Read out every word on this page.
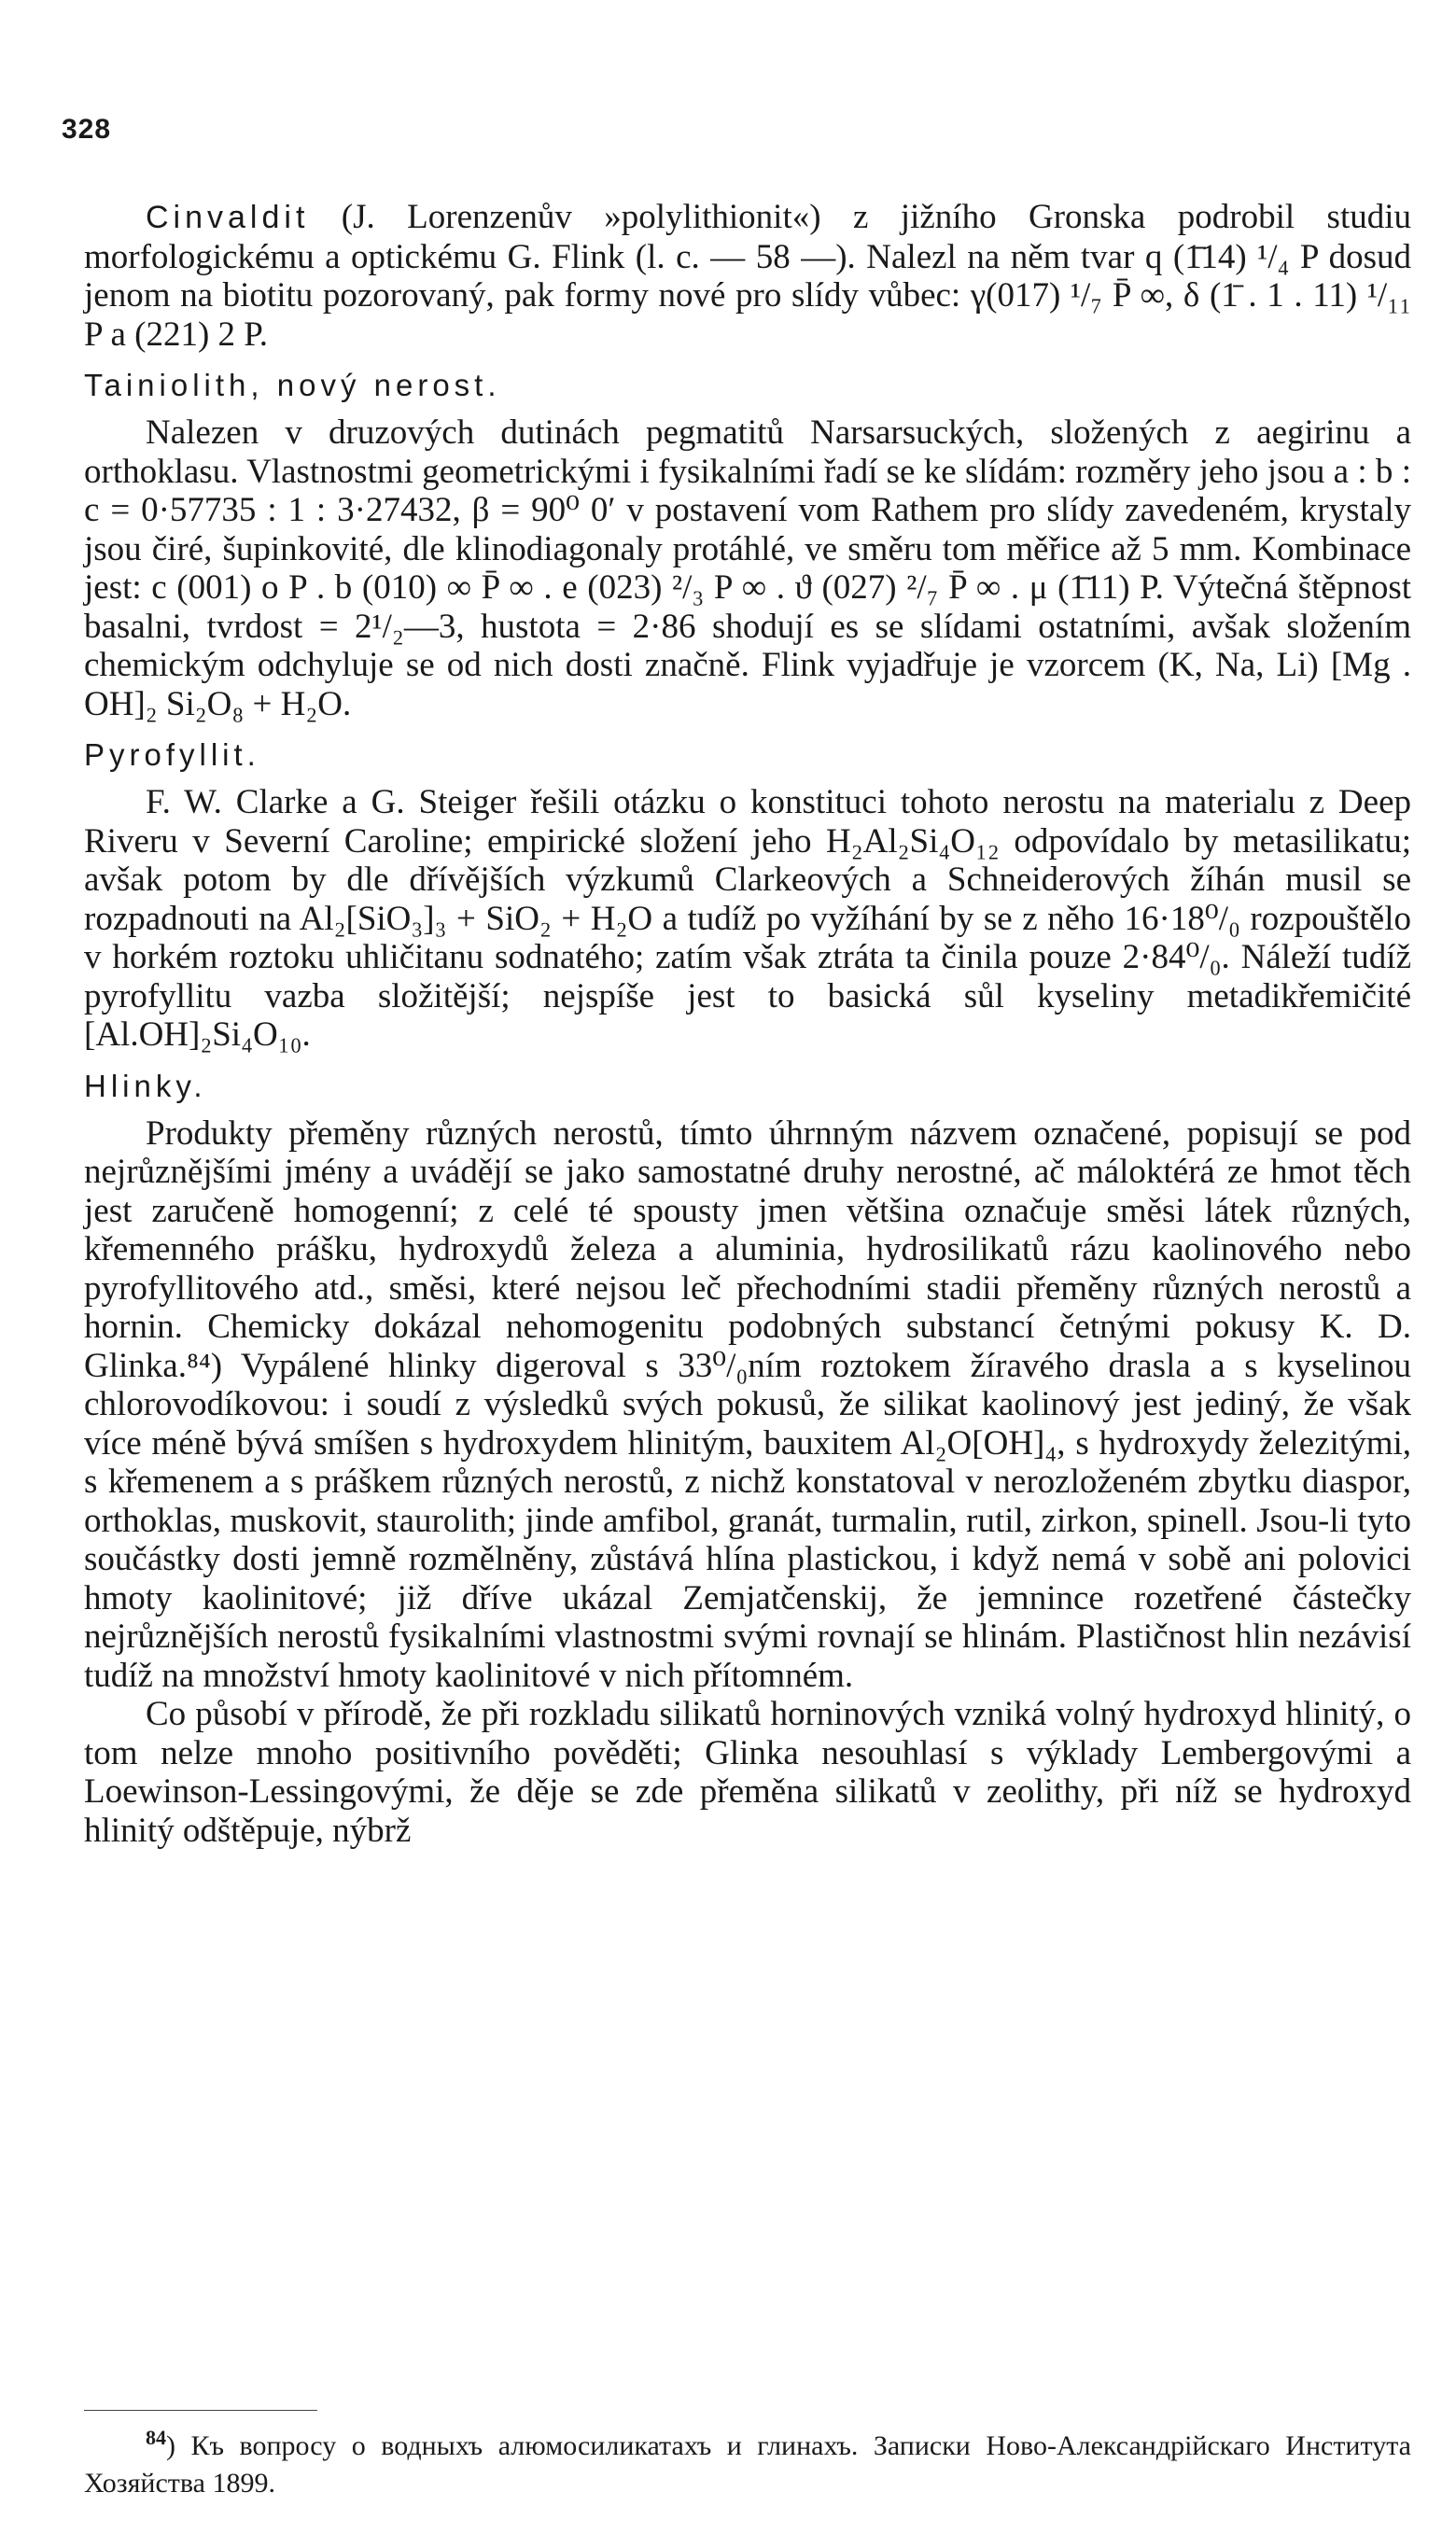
328

Cinvaldit (J. Lorenzenův »polylithionit«) z jižního Gronska podrobil studiu morfologickému a optickému G. Flink (l. c. — 58 —). Nalezl na něm tvar q (1̄14) ¹/₄ P dosud jenom na biotitu pozorovaný, pak formy nové pro slídy vůbec: γ(017) ¹/₇ P̄ ∞, δ (1̄ . 1 . 11) ¹/₁₁ P a (221) 2 P.

Tainiolith, nový nerost.

Nalezen v druzových dutinách pegmatitů Narsarsuckých, složených z aegirinu a orthoklasu. Vlastnostmi geometrickými i fysikalními řadí se ke slídám: rozměry jeho jsou a : b : c = 0·57735 : 1 : 3·27432, β = 90⁰ 0′ v postavení vom Rathem pro slídy zavedeném, krystaly jsou čiré, šupinkovité, dle klinodiagonaly protáhlé, ve směru tom měřice až 5 mm. Kombinace jest: c (001) o P . b (010) ∞ P̄ ∞ . e (023) ²/₃ P ∞ . ϑ (027) ²/₇ P̄ ∞ . μ (1̄11) P. Výtečná štěpnost basalni, tvrdost = 2¹/₂—3, hustota = 2·86 shodují es se slídami ostatními, avšak složením chemickým odchyluje se od nich dosti značně. Flink vyjadřuje je vzorcem (K, Na, Li) [Mg . OH]₂ Si₂O₈ + H₂O.

Pyrofyllit.

F. W. Clarke a G. Steiger řešili otázku o konstituci tohoto nerostu na materialu z Deep Riveru v Severní Caroline; empirické složení jeho H₂Al₂Si₄O₁₂ odpovídalo by metasilikatu; avšak potom by dle dřívějších výzkumů Clarkeových a Schneiderových žíhán musil se rozpadnouti na Al₂[SiO₃]₃ + SiO₂ + H₂O a tudíž po vyžíhání by se z něho 16·18⁰/₀ rozpouštělo v horkém roztoku uhličitanu sodnatého; zatím však ztráta ta činila pouze 2·84⁰/₀. Náleží tudíž pyrofyllitu vazba složitější; nejspíše jest to basická sůl kyseliny metadikřemičité [Al.OH]₂Si₄O₁₀.

Hlinky.

Produkty přeměny různých nerostů, tímto úhrnným názvem označené, popisují se pod nejrůznějšími jmény a uvádějí se jako samostatné druhy nerostné, ač máloktérá ze hmot těch jest zaručeně homogenní; z celé té spousty jmen většina označuje směsi látek různých, křemenného prášku, hydroxydů železa a aluminia, hydrosilikatů rázu kaolinového nebo pyrofyllitového atd., směsi, které nejsou leč přechodními stadii přeměny různých nerostů a hornin. Chemicky dokázal nehomogenitu podobných substancí četnými pokusy K. D. Glinka.⁸⁴) Vypálené hlinky digeroval s 33⁰/₀ním roztokem žíravého drasla a s kyselinou chlorovodíkovou: i soudí z výsledků svých pokusů, že silikat kaolinový jest jediný, že však více méně bývá smíšen s hydroxydem hlinitým, bauxitem Al₂O[OH]₄, s hydroxydy železitými, s křemenem a s práškem různých nerostů, z nichž konstatoval v nerozloženém zbytku diaspor, orthoklas, muskovit, staurolith; jinde amfibol, granát, turmalin, rutil, zirkon, spinell. Jsou-li tyto součástky dosti jemně rozmělněny, zůstává hlína plastickou, i když nemá v sobě ani polovici hmoty kaolinitové; již dříve ukázal Zemjatčenskij, že jemnince rozetřené částečky nejrůznějších nerostů fysikalními vlastnostmi svými rovnají se hlinám. Plastičnost hlin nezávisí tudíž na množství hmoty kaolinitové v nich přítomném.

Co působí v přírodě, že při rozkladu silikatů horninových vzniká volný hydroxyd hlinitý, o tom nelze mnoho positivního pověděti; Glinka nesouhlasí s výklady Lembergovými a Loewinson-Lessingovými, že děje se zde přeměna silikatů v zeolithy, při níž se hydroxyd hlinitý odštěpuje, nýbrž

$^{84}$) Къ вопросу о водныхъ алюмосиликатахъ и глинахъ. Записки Ново-Александрійскаго Института Хозяйства 1899.
